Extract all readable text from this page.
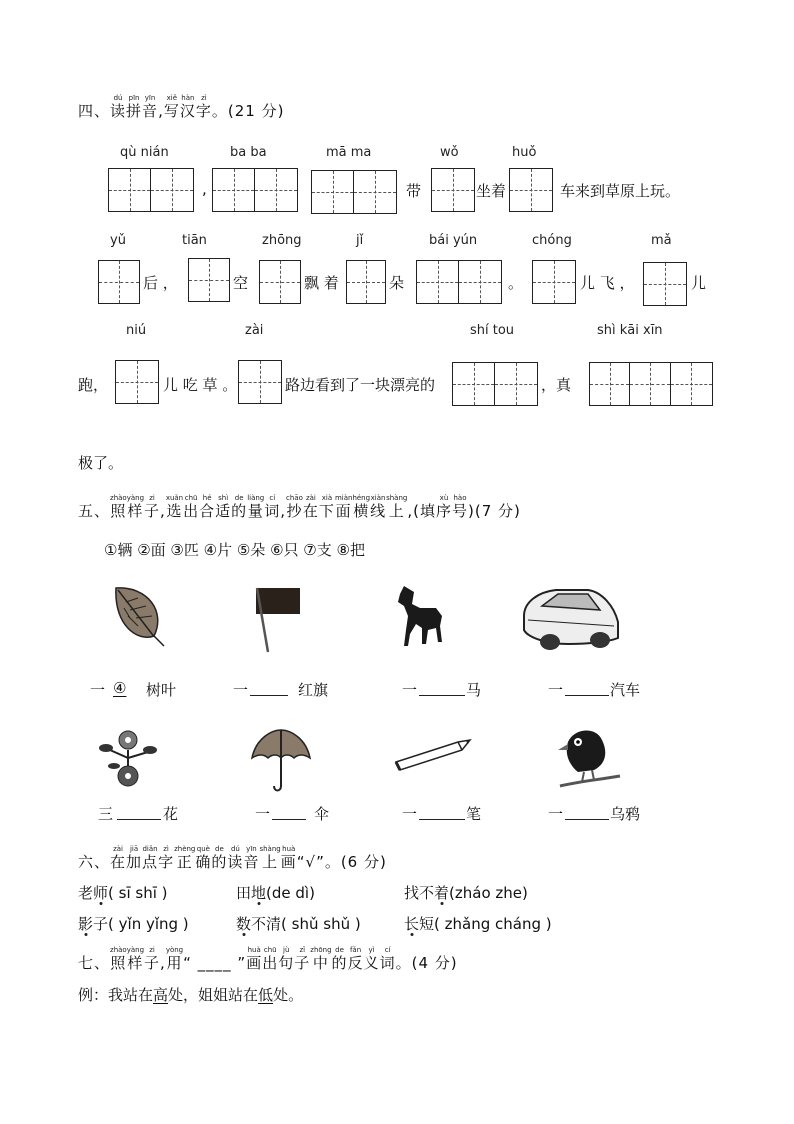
四、
dú
读
pīn
拼
yīn
音 ,
xiě
写
hàn
汉
zì
字 。(21 分)
qù nián	ba ba	mā ma	wǒ	huǒ
,	带	坐着	车来到草原上玩。
yǔ	tiān	zhōng	jǐ	bái yún	chóng	mǎ
后 ，	空	飘 着	朵	。	儿 飞 ，	儿
niú	zài	shí tou	shì kāi xīn
跑，	儿 吃 草 。	路边看到了一块漂亮的	，真
极了。
五、
zhào
照
yàng
样
zi
子 ,
xuǎn
选
chū
出
hé
合
shì
适
de
的
liàng
量
cí
词 ,
chāo
抄
zài
在
xià
下
miàn
面
héng
横
xiàn
线
shàng
上 ,(填
xù
序
hào
号 )(7 分)
①辆 ②面 ③匹 ④片 ⑤朵 ⑥只 ⑦支 ⑧把
一 ④ 树叶	一	红旗	一	马	一	汽车
三	花	一	伞	一	笔	一	乌鸦
六、
zài
在
jiā
加
diǎn
点
zì
字
zhèng
正
què
确
de
的
dú
读
yīn
音
shàng
上
huà
画 “√”。(6 分)
老师( sī shī )	田地(de dì)	找不着(zháo zhe)
影子( yǐn yǐng )	数不清( shǔ shǔ )	长短( zhǎng cháng )
七、
zhào
照
yàng
样
zi
子 ,
yòng
用 “ ____ ”
huà
画
chū
出
jù
句
zǐ
子
zhōng
中
de
的
fǎn
反
yì
义
cí
词 。(4 分)
例：我站在高处，姐姐站在低处。
